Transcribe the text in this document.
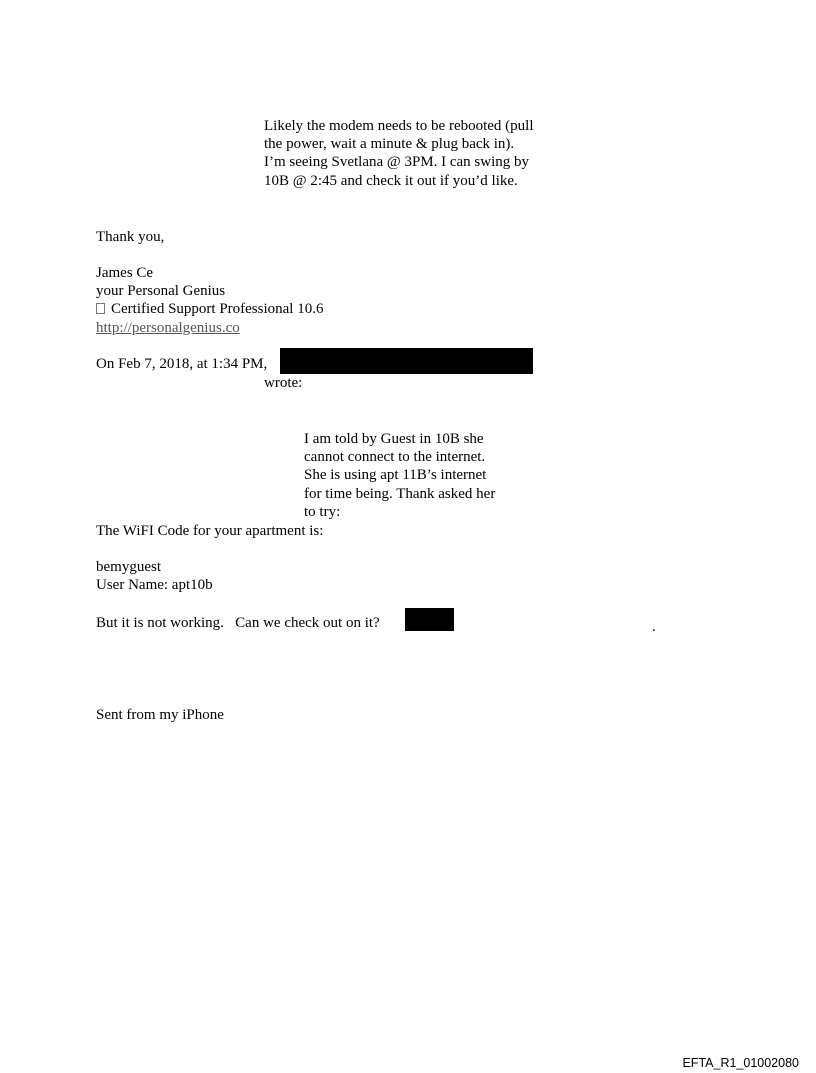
Likely the modem needs to be rebooted (pull
the power, wait a minute & plug back in).
I’m seeing Svetlana @ 3PM. I can swing by
10B @ 2:45 and check it out if you’d like.

Thank you,

James Ce
your Personal Genius
Certified Support Professional 10.6
http://personalgenius.co

On Feb 7, 2018, at 1:34 PM,

wrote:

I am told by Guest in 10B she
cannot connect to the internet.
She is using apt 11B’s internet
for time being. Thank asked her
to try:

The WiFI Code for your apartment is:

bemyguest

User Name: apt10b

But it is not working.   Can we check out on it?	.

Sent from my iPhone

EFTA_R1_01002080
